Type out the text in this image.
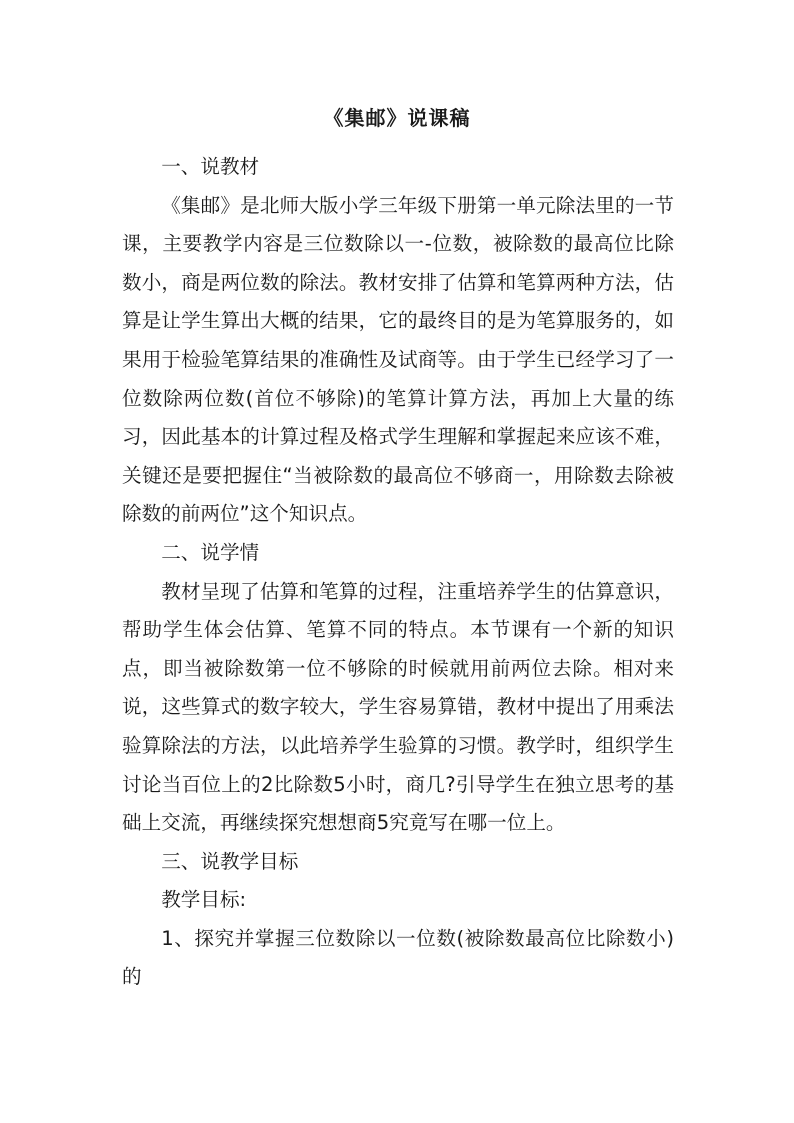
《集邮》说课稿

一、说教材

《集邮》是北师大版小学三年级下册第一单元除法里的一节课，主要教学内容是三位数除以一-位数，被除数的最高位比除数小，商是两位数的除法。教材安排了估算和笔算两种方法，估算是让学生算出大概的结果，它的最终目的是为笔算服务的，如果用于检验笔算结果的准确性及试商等。由于学生已经学习了一位数除两位数(首位不够除)的笔算计算方法，再加上大量的练习，因此基本的计算过程及格式学生理解和掌握起来应该不难，关键还是要把握住“当被除数的最高位不够商一，用除数去除被除数的前两位”这个知识点。

二、说学情

教材呈现了估算和笔算的过程，注重培养学生的估算意识，帮助学生体会估算、笔算不同的特点。本节课有一个新的知识点，即当被除数第一位不够除的时候就用前两位去除。相对来说，这些算式的数字较大，学生容易算错，教材中提出了用乘法验算除法的方法，以此培养学生验算的习惯。教学时，组织学生讨论当百位上的2比除数5小时，商几?引导学生在独立思考的基础上交流，再继续探究想想商5究竟写在哪一位上。

三、说教学目标

教学目标:

1、探究并掌握三位数除以一位数(被除数最高位比除数小)的
